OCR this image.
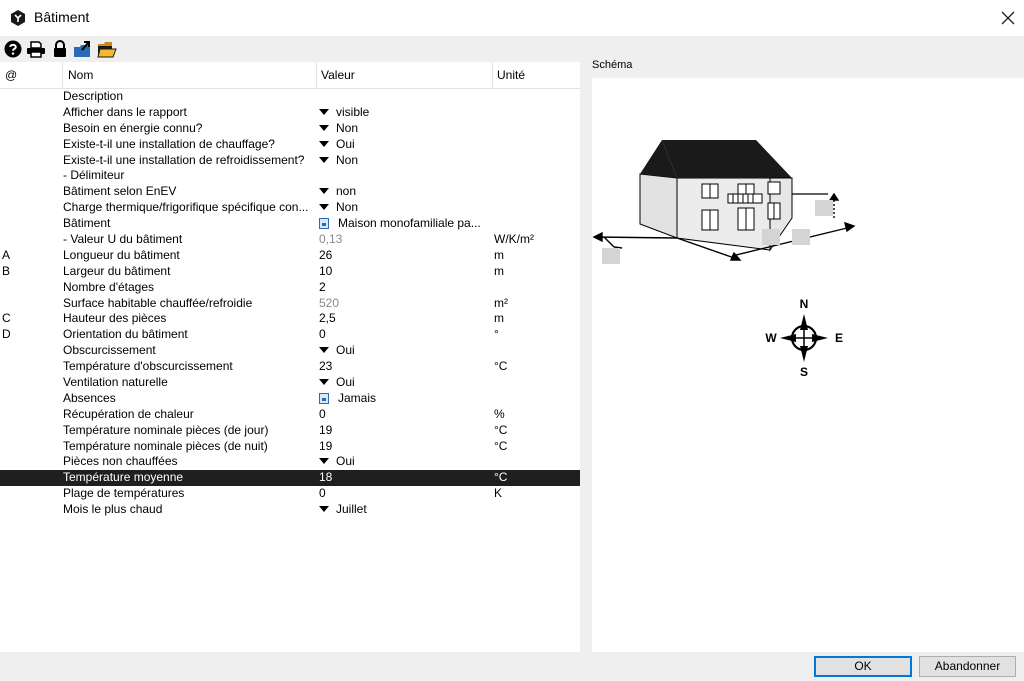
Bâtiment
@	Nom	Valeur	Unité
Description
Afficher dans le rapport	visible
Besoin en énergie connu?	Non
Existe-t-il une installation de chauffage?	Oui
Existe-t-il une installation de refroidissement?	Non
- Délimiteur
Bâtiment selon EnEV	non
Charge thermique/frigorifique spécifique con...	Non
Bâtiment	Maison monofamiliale pa...
- Valeur U du bâtiment	0,13	W/K/m²
A	Longueur du bâtiment	26	m
B	Largeur du bâtiment	10	m
Nombre d'étages	2
Surface habitable chauffée/refroidie	520	m²
C	Hauteur des pièces	2,5	m
D	Orientation du bâtiment	0	°
Obscurcissement	Oui
Température d'obscurcissement	23	°C
Ventilation naturelle	Oui
Absences	Jamais
Récupération de chaleur	0	%
Température nominale pièces (de jour)	19	°C
Température nominale pièces (de nuit)	19	°C
Pièces non chauffées	Oui
Température moyenne	18	°C
Plage de températures	0	K
Mois le plus chaud	Juillet
Schéma
N
E
S
W
OK	Abandonner
